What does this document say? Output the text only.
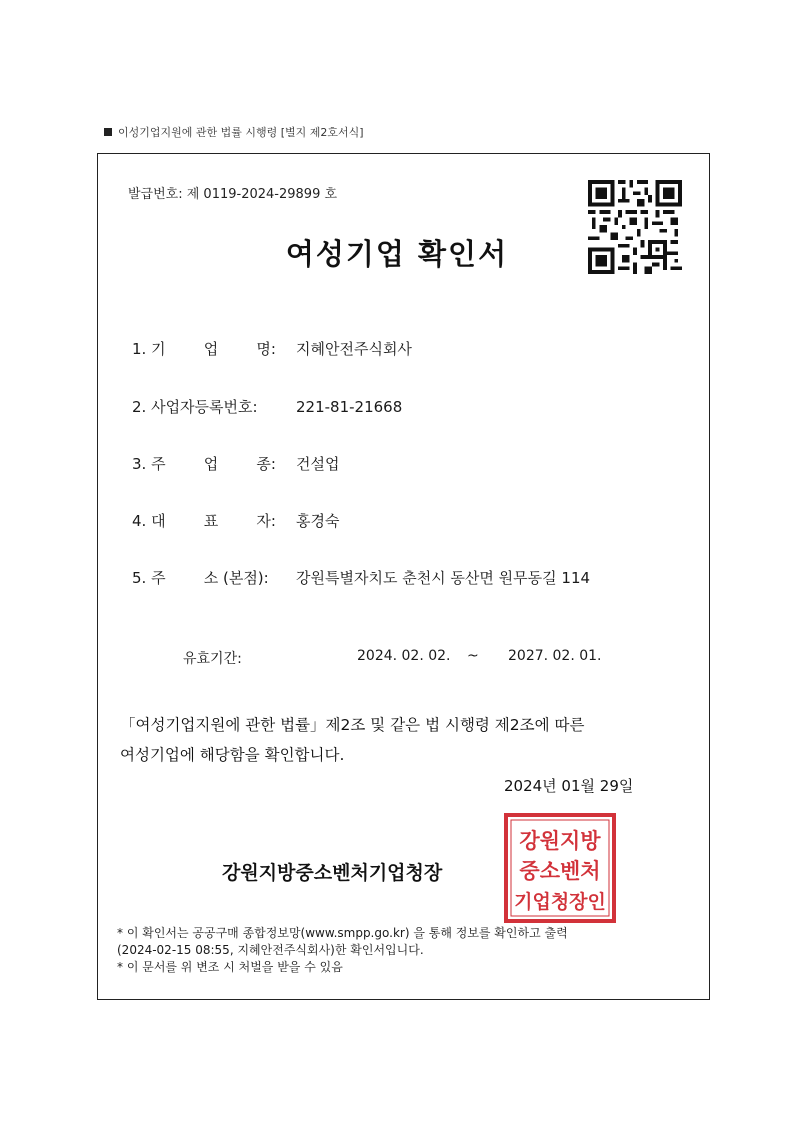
이성기업지원에 관한 법률 시행령 [별지 제2호서식]
발급번호: 제 0119-2024-29899 호
여성기업 확인서
1. 기        업        명: 지혜안전주식회사
2. 사업자등록번호:	221-81-21668
3. 주        업        종: 건설업
4. 대        표        자: 홍경숙
5. 주        소 (본점): 강원특별자치도 춘천시 동산면 원무동길 114
유효기간:	2024. 02. 02. ~ 2027. 02. 01.
「여성기업지원에 관한 법률」제2조 및 같은 법 시행령 제2조에 따른
여성기업에 해당함을 확인합니다.
2024년 01월 29일
강원지방중소벤처기업청장
강원지방
중소벤처
기업청장인
* 이 확인서는 공공구매 종합정보망(www.smpp.go.kr) 을 통해 정보를 확인하고 출력
(2024-02-15 08:55, 지혜안전주식회사)한 확인서입니다.
* 이 문서를 위 변조 시 처벌을 받을 수 있음
